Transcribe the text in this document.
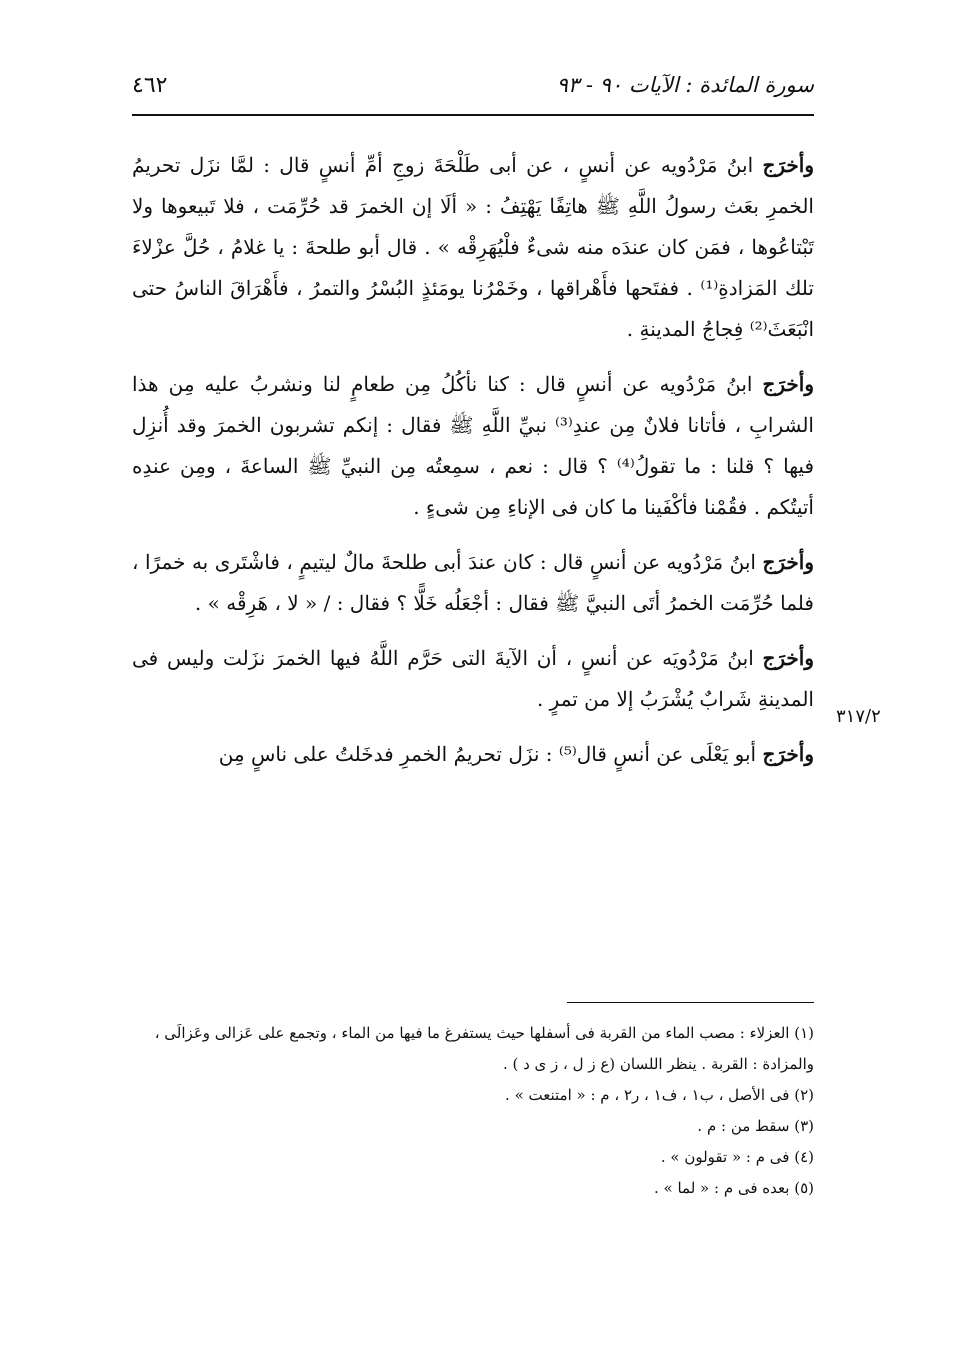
٤٦٢	سورة المائدة : الآيات ٩٠ - ٩٣

وأخرَج ابنُ مَرْدُويه عن أنسٍ ، عن أبى طَلْحَةَ زوجِ أمِّ أنسٍ قال : لمَّا نزَل تحريمُ الخمرِ بعَث رسولُ اللَّهِ ﷺ هاتِفًا يَهْتِفُ : « ألَا إن الخمرَ قد حُرِّمَت ، فلا تَبيعوها ولا تَبْتاعُوها ، فمَن كان عندَه منه شىءٌ فلْيُهَرِقْه » . قال أبو طلحةَ : يا غلامُ ، حُلَّ عزْلاءَ تلك المَزادةِ⁽¹⁾ . ففتَحها فأَهْراقها ، وخَمْرُنا يومَئذٍ البُسْرُ والتمرُ ، فأَهْرَاقَ الناسُ حتى انْبَعَثَ⁽²⁾ فِجاجُ المدينةِ .

وأخرَج ابنُ مَرْدُويه عن أنسٍ قال : كنا نأكُلُ مِن طعامٍ لنا ونشربُ عليه مِن هذا الشرابِ ، فأتانا فلانٌ مِن عندِ⁽³⁾ نبيِّ اللَّهِ ﷺ فقال : إنكم تشربون الخمرَ وقد أُنزِل فيها ؟ قلنا : ما تقولُ⁽⁴⁾ ؟ قال : نعم ، سمِعتُه مِن النبيِّ ﷺ الساعةَ ، ومِن عندِه أتيتُكم . فقُمْنا فأكْفَينا ما كان فى الإناءِ مِن شىءٍ .

وأخرَج ابنُ مَرْدُويه عن أنسٍ قال : كان عندَ أبى طلحةَ مالٌ ليتيمٍ ، فاشْتَرى به خمرًا ، فلما حُرِّمَت الخمرُ أتَى النبيَّ ﷺ فقال : أجْعَلُه خَلًّا ؟ فقال : / « لا ، هَرِقْه » .

وأخرَج ابنُ مَرْدُويَه عن أنسٍ ، أن الآيةَ التى حَرَّم اللَّهُ فيها الخمرَ نزَلت وليس فى المدينةِ شَرابٌ يُشْرَبُ إلا من تمرٍ .

وأخرَج أبو يَعْلَى عن أنسٍ قال⁽⁵⁾ : نزَل تحريمُ الخمرِ فدخَلتُ على ناسٍ مِن

٣١٧/٢

(١) العزلاء : مصب الماء من القربة فى أسفلها حيث يستفرغ ما فيها من الماء ، وتجمع على عَزالى وعَزالَى ، والمزادة : القربة . ينظر اللسان (ع ز ل ، ز ى د ) .

(٢) فى الأصل ، ب١ ، ف١ ، ر٢ ، م : « امتنعت » .

(٣) سقط من : م .

(٤) فى م : « تقولون » .

(٥) بعده فى م : « لما » .
